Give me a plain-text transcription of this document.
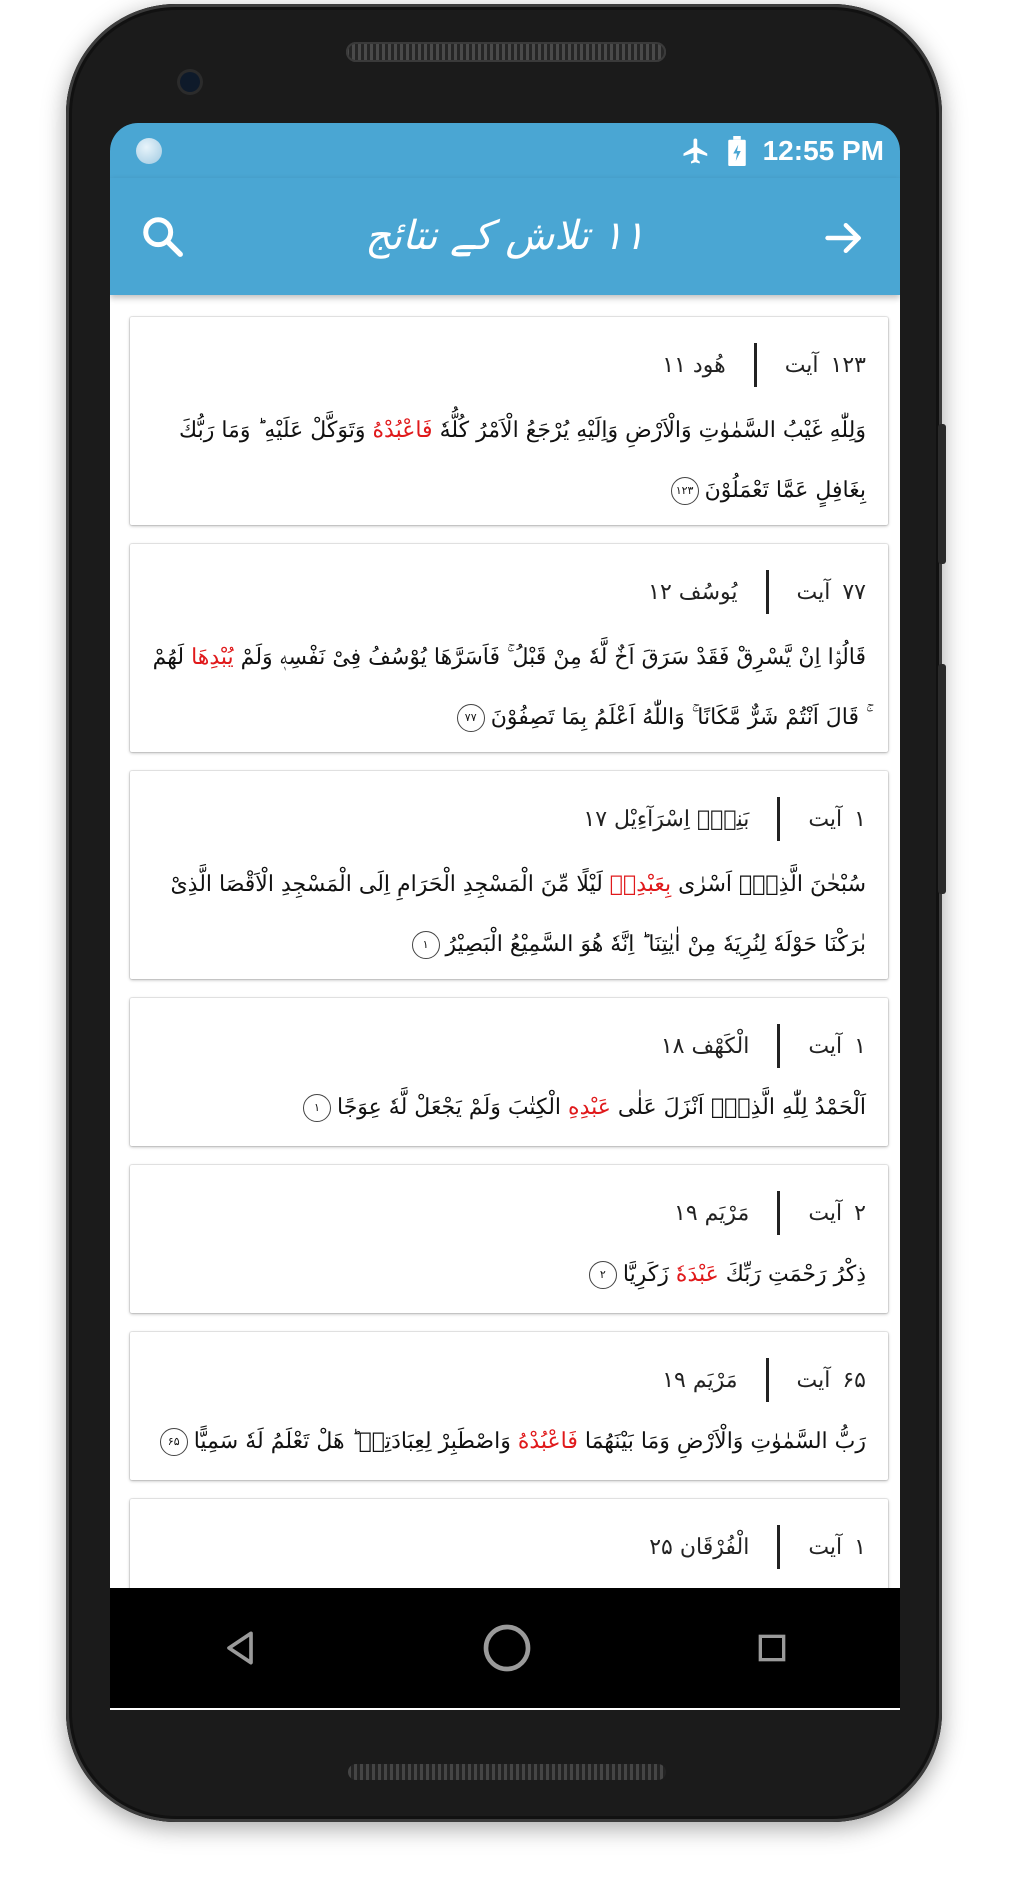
12:55 PM
۱۱ تلاش کے نتائج
۱۲۳
آیت
هُود ۱۱
وَلِلّٰهِ غَيْبُ السَّمٰوٰتِ وَالْاَرْضِ وَاِلَيْهِ يُرْجَعُ الْاَمْرُ كُلُّهٗ فَاعْبُدْهُ وَتَوَكَّلْ عَلَيْهِ ؕ وَمَا رَبُّكَ بِغَافِلٍ عَمَّا تَعْمَلُوْنَ۱۲۳
۷۷
آیت
يُوسُف ۱۲
قَالُوْۤا اِنْ يَّسْرِقْ فَقَدْ سَرَقَ اَخٌ لَّهٗ مِنْ قَبْلُ ۚ فَاَسَرَّهَا يُوْسُفُ فِیْ نَفْسِهٖ وَلَمْ يُبْدِهَا لَهُمْ ۚ قَالَ اَنْتُمْ شَرٌّ مَّكَانًا ۚ وَاللّٰهُ اَعْلَمُ بِمَا تَصِفُوْنَ۷۷
۱
آیت
بَنِیْۤ اِسْرَآءِيْل ۱۷
سُبْحٰنَ الَّذِیْۤ اَسْرٰى بِعَبْدِهٖ لَيْلًا مِّنَ الْمَسْجِدِ الْحَرَامِ اِلَى الْمَسْجِدِ الْاَقْصَا الَّذِیْ بٰرَكْنَا حَوْلَهٗ لِنُرِيَهٗ مِنْ اٰيٰتِنَا ؕ اِنَّهٗ هُوَ السَّمِيْعُ الْبَصِيْرُ۱
۱
آیت
الْكَهْف ۱۸
اَلْحَمْدُ لِلّٰهِ الَّذِیْۤ اَنْزَلَ عَلٰى عَبْدِهِ الْكِتٰبَ وَلَمْ يَجْعَلْ لَّهٗ عِوَجًا۱
۲
آیت
مَرْيَم ۱۹
ذِكْرُ رَحْمَتِ رَبِّكَ عَبْدَهٗ زَكَرِيَّا۲
۶۵
آیت
مَرْيَم ۱۹
رَبُّ السَّمٰوٰتِ وَالْاَرْضِ وَمَا بَيْنَهُمَا فَاعْبُدْهُ وَاصْطَبِرْ لِعِبَادَتِهٖ ؕ هَلْ تَعْلَمُ لَهٗ سَمِيًّا۶۵
۱
آیت
الْفُرْقَان ۲۵
